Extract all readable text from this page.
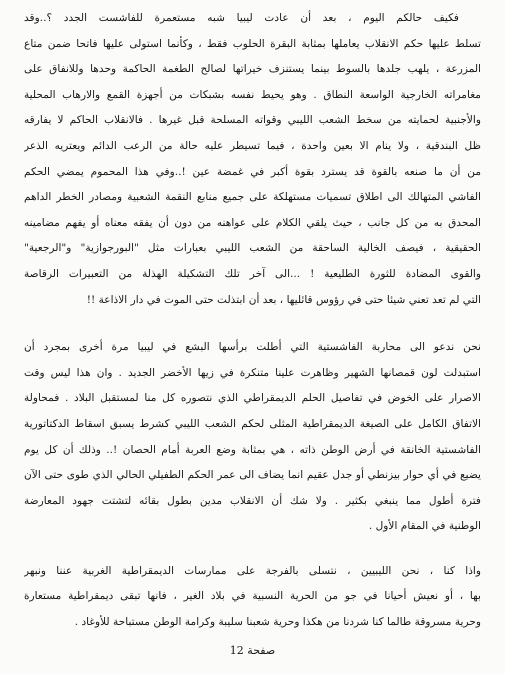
فكيف حالكم اليوم ، بعد أن عادت ليبيا شبه مستعمرة للفاشست الجدد ؟..وقد
تسلط عليها حكم الانقلاب يعاملها بمثابة البقرة الحلوب فقط ، وكأنما استولى عليها فاتحا ضمن متاع
المزرعة ، يلهب جلدها بالسوط بينما يستنزف خيراتها لصالح الطغمة الحاكمة وحدها وللانفاق على
مغامراته الخارجية الواسعة النطاق . وهو يحيط نفسه بشبكات من أجهزة القمع والارهاب المحلية
والأجنبية لحمايته من سخط الشعب الليبي وقواته المسلحة قبل غيرها . فالانقلاب الحاكم لا يفارقه
ظل البندقية ، ولا ينام الا بعين واحدة ، فيما تسيطر عليه حالة من الرعب الدائم ويعتريه الذعر
من أن ما صنعه بالقوة قد يسترد بقوة أكبر في غمضة عين !..وفي هذا المحموم يمضي الحكم
الفاشي المتهالك الى اطلاق تسميات مستهلكة على جميع منابع النقمة الشعبية ومصادر الخطر الداهم
المحدق به من كل جانب ، حيث يلقي الكلام على عواهنه من دون أن يفقه معناه أو يفهم مضامينه
الحقيقية ، فيصف الخالية الساحقة من الشعب الليبي بعبارات مثل "البورجوازية" و"الرجعية"
والقوى المضادة للثورة الطليعية ! ...الى آخر تلك التشكيلة الهذلة من التعبيرات الرقاصة
التي لم تعد تعني شيئا حتى في رؤوس قائليها ، بعد أن ابتذلت حتى الموت في دار الاذاعة !!
نحن ندعو الى محاربة الفاشستية التي أطلت برأسها البشع في ليبيا مرة أخرى بمجرد أن
استبدلت لون قمصانها الشهير وظاهرت علينا متنكرة في زيها الأخضر الجديد . وان هذا ليس وقت
الاصرار على الخوض في تفاصيل الحلم الديمقراطي الذي نتصوره كل منا لمستقبل البلاد . فمحاولة
الاتفاق الكامل على الصيغة الديمقراطية المثلى لحكم الشعب الليبي كشرط يسبق اسقاط الدكتاتورية
الفاشستية الخانقة في أرض الوطن ذاته ، هي بمثابة وضع العربة أمام الحصان !.. وذلك أن كل يوم
يضيع في أي حوار بيزنطي أو جدل عقيم انما يضاف الى عمر الحكم الطفيلي الحالي الذي طوى حتى الآن
فترة أطول مما ينبغي بكثير . ولا شك أن الانقلاب مدين بطول بقائه لتشتت جهود المعارضة
الوطنية في المقام الأول .
واذا كنا ، نحن الليبيين ، نتسلى بالفرجة على ممارسات الديمقراطية الغربية عننا ونبهر
بها ، أو نعيش أحيانا في جو من الحرية النسبية في بلاد الغير ، فانها تبقى ديمقراطية مستعارة
وحرية مسروقة طالما كنا شردنا من هكذا وحرية شعبنا سليبة وكرامة الوطن مستباحة للأوغاد .
صفحة 12
